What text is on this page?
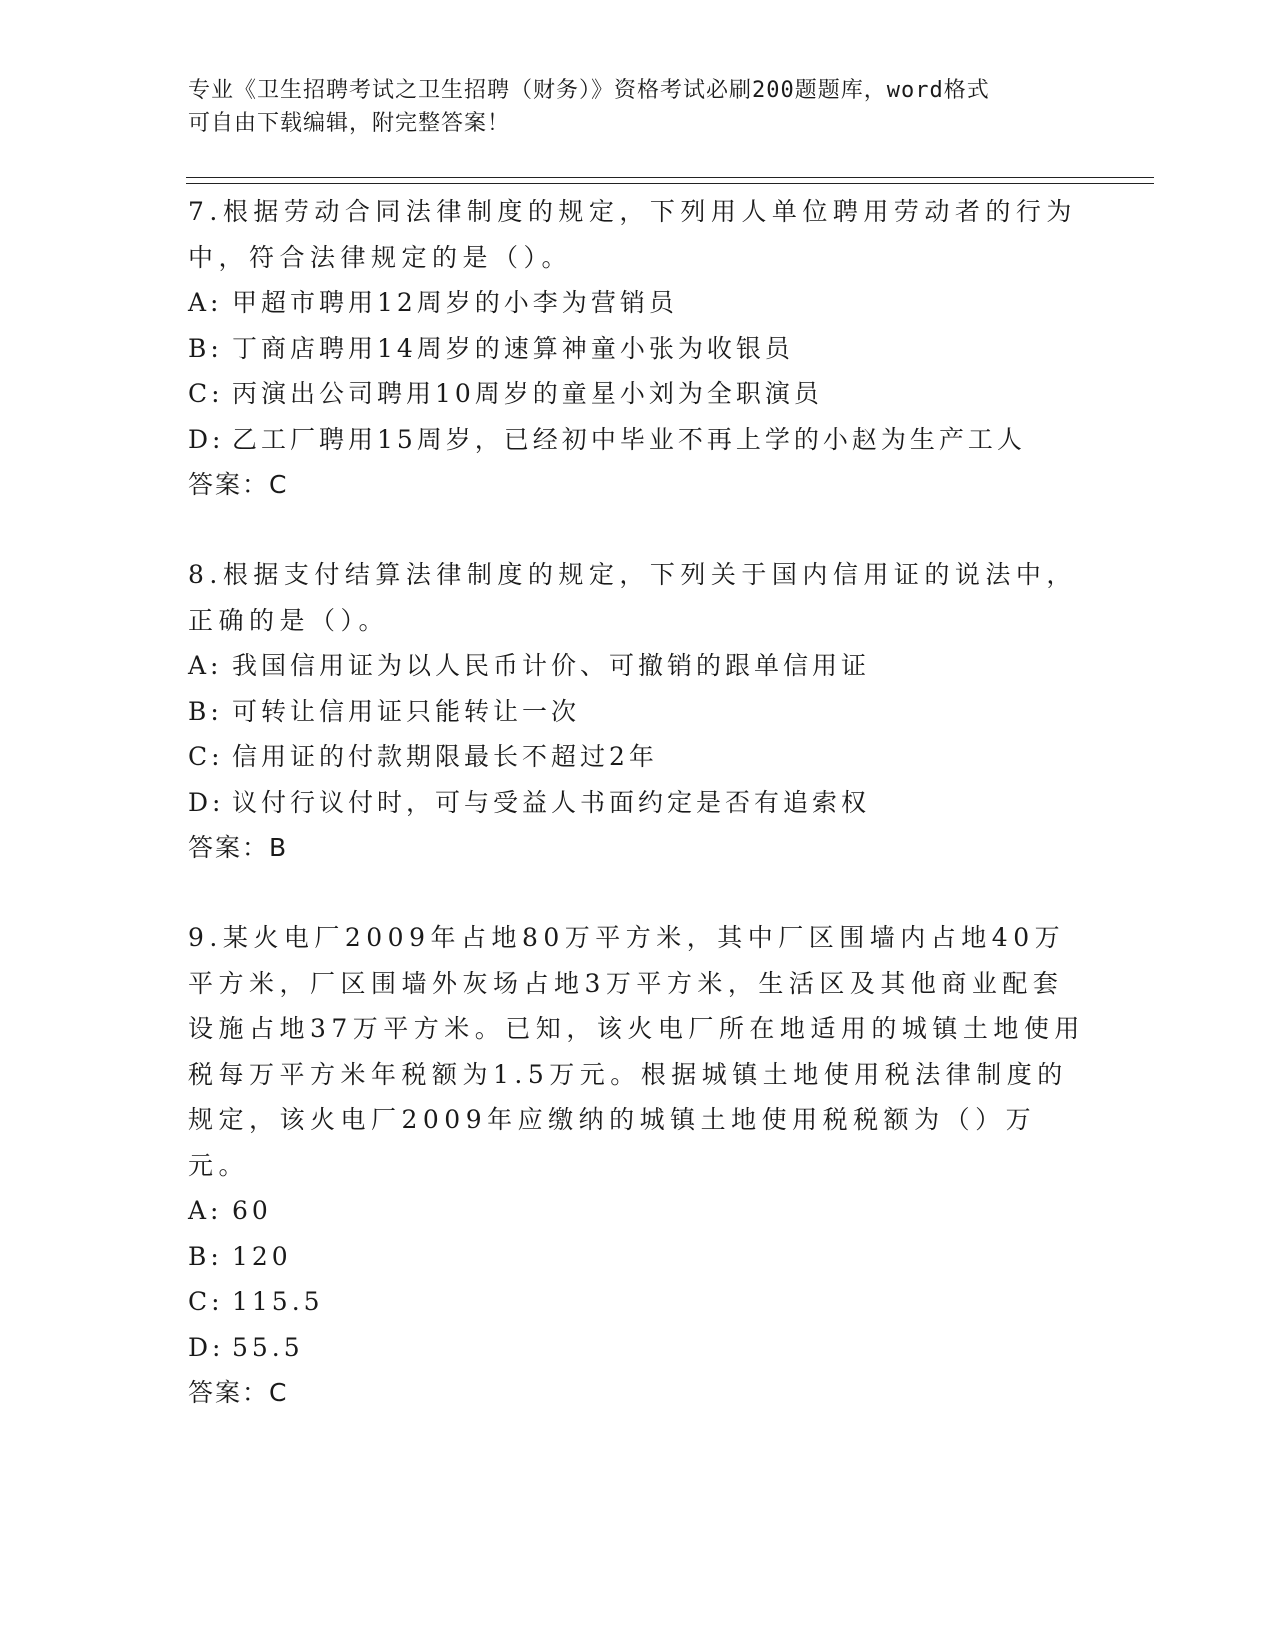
专业《卫生招聘考试之卫生招聘（财务）》资格考试必刷200题题库，word格式
可自由下载编辑，附完整答案！

7.根据劳动合同法律制度的规定，下列用人单位聘用劳动者的行为中，符合法律规定的是（）。

A: 甲超市聘用12周岁的小李为营销员

B: 丁商店聘用14周岁的速算神童小张为收银员

C: 丙演出公司聘用10周岁的童星小刘为全职演员

D: 乙工厂聘用15周岁，已经初中毕业不再上学的小赵为生产工人

答案：C

8.根据支付结算法律制度的规定，下列关于国内信用证的说法中，正确的是（）。

A: 我国信用证为以人民币计价、可撤销的跟单信用证

B: 可转让信用证只能转让一次

C: 信用证的付款期限最长不超过2年

D: 议付行议付时，可与受益人书面约定是否有追索权

答案：B

9.某火电厂2009年占地80万平方米，其中厂区围墙内占地40万平方米，厂区围墙外灰场占地3万平方米，生活区及其他商业配套设施占地37万平方米。已知，该火电厂所在地适用的城镇土地使用税每万平方米年税额为1.5万元。根据城镇土地使用税法律制度的规定，该火电厂2009年应缴纳的城镇土地使用税税额为（）万元。

A: 60

B: 120

C: 115.5

D: 55.5

答案：C
